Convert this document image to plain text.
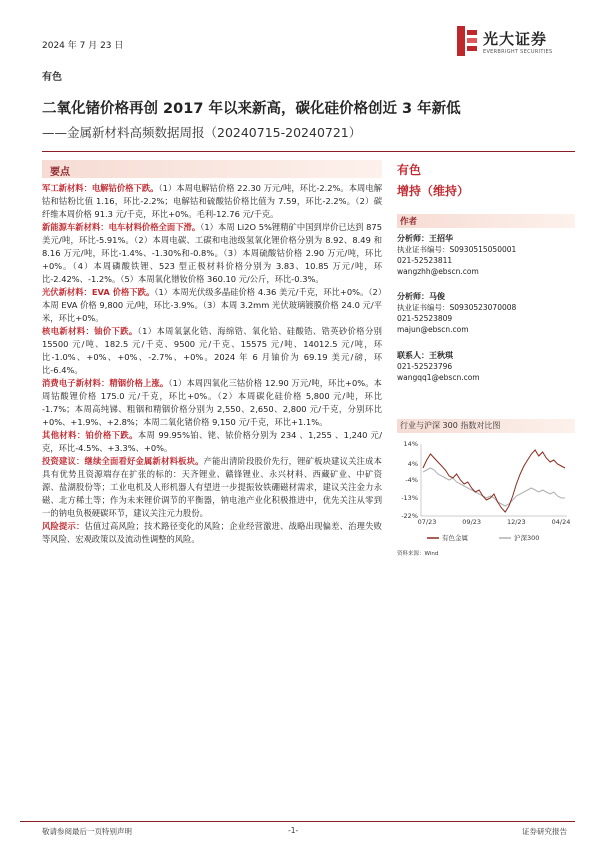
2024 年 7 月 23 日	光大证券
EVERBRIGHT SECURITIES
有色
二氧化锗价格再创 2017 年以来新高，碳化硅价格创近 3 年新低
——金属新材料高频数据周报（20240715-20240721）
要点

军工新材料：电解钴价格下跌。（1）本周电解钴价格 22.30 万元/吨，环比-2.2%。本周电解钴和钴粉比值 1.16，环比-2.2%；电解钴和硫酸钴价格比值为 7.59，环比-2.2%。（2）碳纤维本周价格 91.3 元/千克，环比+0%。毛利-12.76 元/千克。

新能源车新材料：电车材料价格全面下滑。（1）本周 Li2O 5%锂精矿中国到岸价已达到 875 美元/吨，环比-5.91%。（2）本周电碳、工碳和电池级氢氧化锂价格分别为 8.92、8.49 和 8.16 万元/吨，环比-1.4%、-1.30%和-0.8%。（3）本周硫酸钴价格 2.90 万元/吨，环比+0%。（4）本周磷酸铁锂、523 型正极材料价格分别为 3.83、10.85 万元/吨，环比-2.42%、-1.2%。（5）本周氧化镨钕价格 360.10 元/公斤，环比-0.3%。

光伏新材料：EVA 价格下跌。（1）本周光伏级多晶硅价格 4.36 美元/千克，环比+0%。（2）本周 EVA 价格 9,800 元/吨，环比-3.9%。（3）本周 3.2mm 光伏玻璃镀膜价格 24.0 元/平米，环比+0%。

核电新材料：铀价下跌。（1）本周氧氯化锆、海绵锆、氧化铪、硅酸锆、锆英砂价格分别 15500 元/吨、182.5 元/千克、9500 元/千克、15575 元/吨、14012.5 元/吨，环比-1.0%、+0%、+0%、-2.7%、+0%。2024 年 6 月铀价为 69.19 美元/磅，环比-6.4%。

消费电子新材料：精铟价格上涨。（1）本周四氧化三钴价格 12.90 万元/吨，环比+0%。本周钴酸锂价格 175.0 元/千克，环比+0%。（2）本周碳化硅价格 5,800 元/吨，环比 -1.7%；本周高纯锑、粗铟和精铟价格分别为 2,550、2,650、2,800 元/千克，分别环比+0%、+1.9%、+2.8%；本周二氧化锗价格 9,150 元/千克，环比+1.1%。

其他材料：铂价格下跌。本周 99.95%铂、铑、铱价格分别为 234 、1,255 、1,240 元/克，环比-4.5%、+3.3%、+0%。

投资建议：继续全面看好金属新材料板块。产能出清阶段股价先行，锂矿板块建议关注成本具有优势且资源端存在扩张的标的：天齐锂业、赣锋锂业、永兴材料、西藏矿业、中矿资源、盐湖股份等；工业电机及人形机器人有望进一步提振钕铁硼磁材需求，建议关注金力永磁、北方稀土等；作为未来锂价调节的平衡器，钠电池产业化积极推进中，优先关注从零到一的钠电负极硬碳环节，建议关注元力股份。

风险提示：估值过高风险；技术路径变化的风险；企业经营激进、战略出现偏差、治理失败等风险、宏观政策以及流动性调整的风险。

有色
增持（维持）
作者
分析师：王招华
执业证书编号：S0930515050001
021-52523811
wangzhh@ebscn.com
分析师：马俊
执业证书编号：S0930523070008
021-52523809
majun@ebscn.com
联系人：王秋琪
021-52523796
wangqq1@ebscn.com
行业与沪深 300 指数对比图
14%
4%
-4%
-13%
-22%
07/23	09/23	12/23	04/24
有色金属	沪深300
资料来源：Wind
敬请参阅最后一页特别声明	-1-	证券研究报告
